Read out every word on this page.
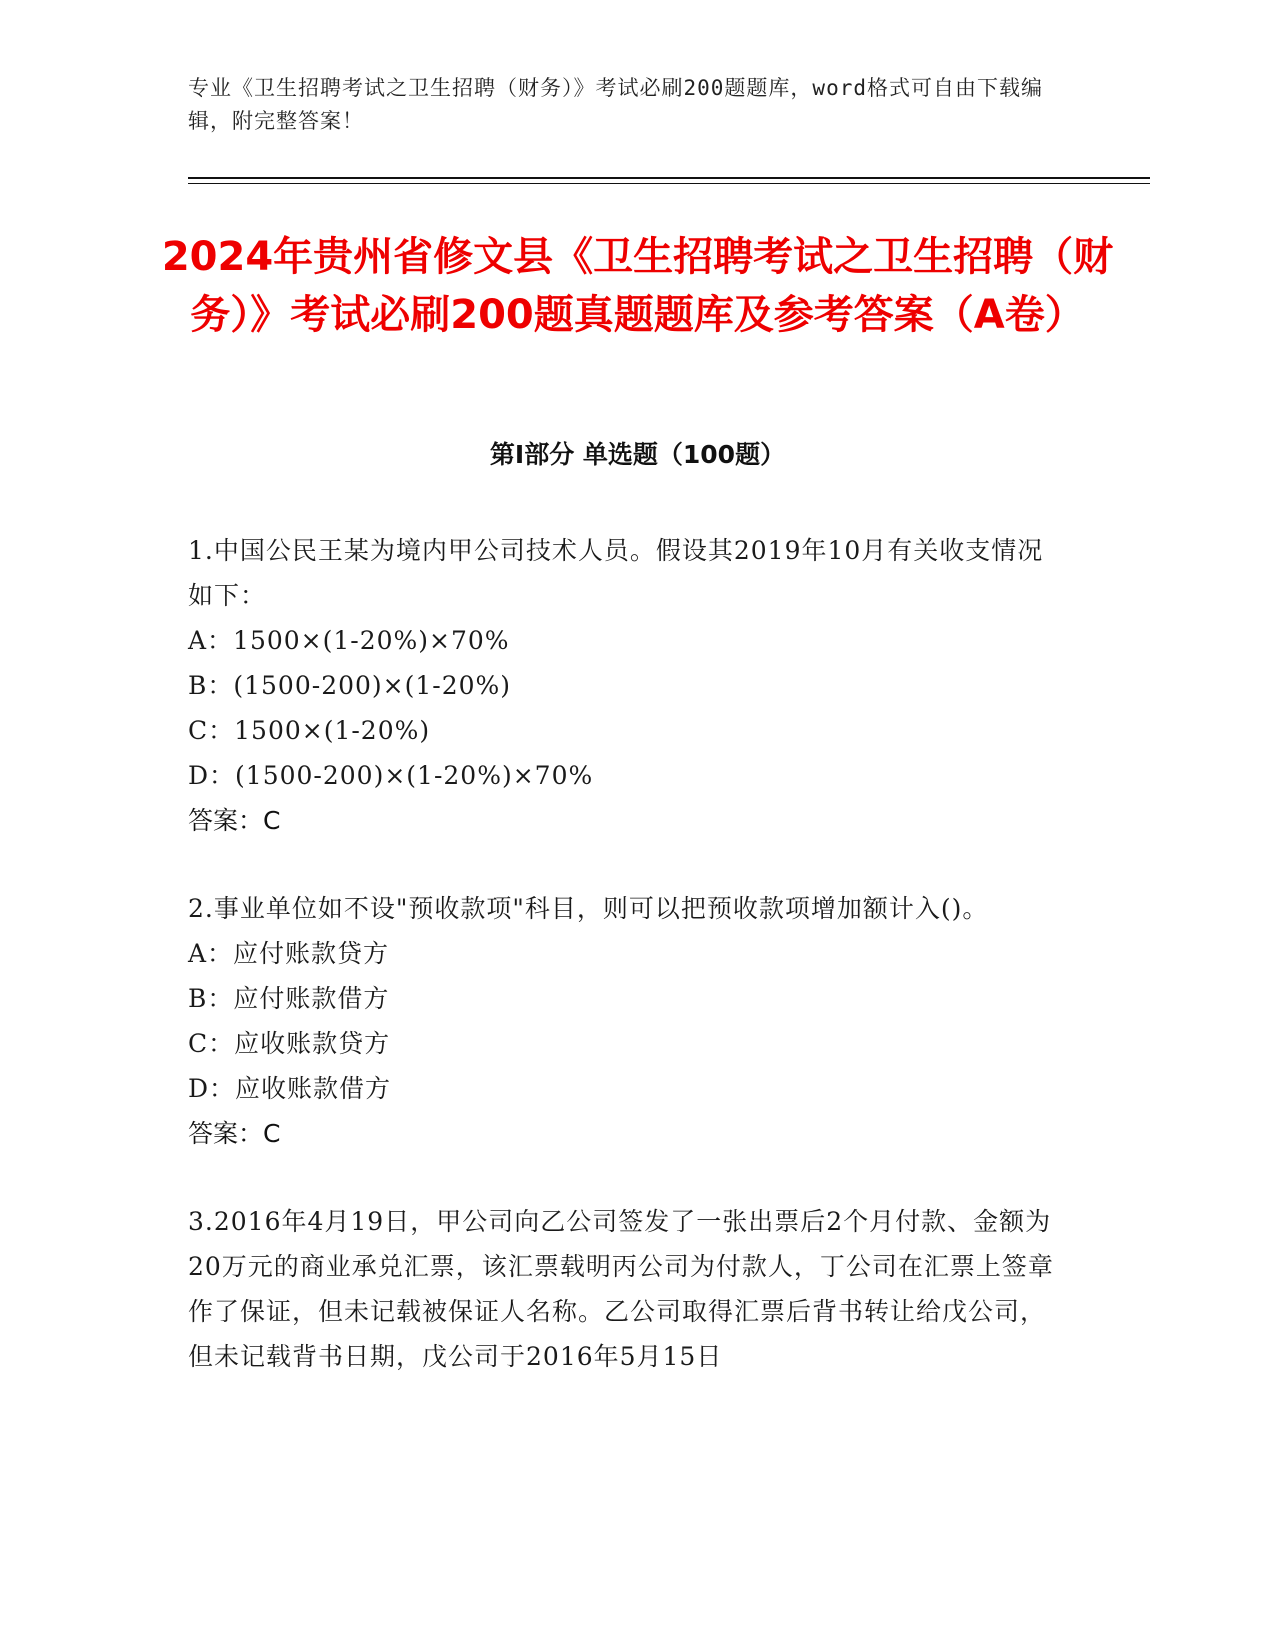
专业《卫生招聘考试之卫生招聘（财务）》考试必刷200题题库，word格式可自由下载编辑，附完整答案！
2024年贵州省修文县《卫生招聘考试之卫生招聘（财务）》考试必刷200题真题题库及参考答案（A卷）
第Ⅰ部分 单选题（100题）

1.中国公民王某为境内甲公司技术人员。假设其2019年10月有关收支情况如下：

A：1500×(1-20%)×70%

B：(1500-200)×(1-20%)

C：1500×(1-20%)

D：(1500-200)×(1-20%)×70%

答案：C

2.事业单位如不设"预收款项"科目，则可以把预收款项增加额计入()。

A：应付账款贷方

B：应付账款借方

C：应收账款贷方

D：应收账款借方

答案：C

3.2016年4月19日，甲公司向乙公司签发了一张出票后2个月付款、金额为20万元的商业承兑汇票，该汇票载明丙公司为付款人，丁公司在汇票上签章作了保证，但未记载被保证人名称。乙公司取得汇票后背书转让给戊公司，但未记载背书日期，戊公司于2016年5月15日
